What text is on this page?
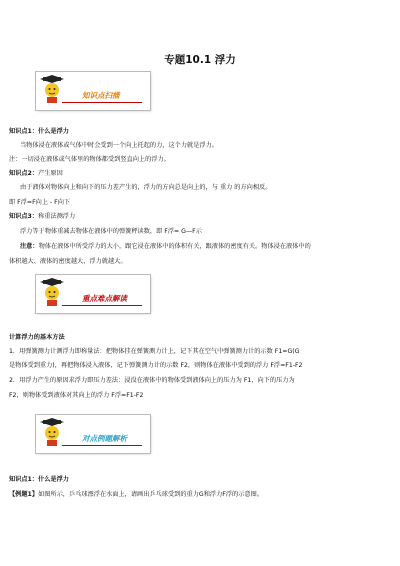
专题10.1 浮力
知识点扫描
知识点1：什么是浮力
当物体浸在液体或气体中时会受到一个向上托起的力，这个力就是浮力。
注：一切浸在液体或气体里的物体都受到竖直向上的浮力。
知识点2：产生原因
由于液体对物体向上和向下的压力差产生的，浮力的方向总是向上的，与 重力 的方向相反。
即 F浮=F向上 - F向下
知识点3：称重法测浮力
浮力等于物体重减去物体在液体中的弹簧秤读数，即 F浮= G—F示
注意：物体在液体中所受浮力的大小，跟它浸在液体中的体积有关，跟液体的密度有关。物体浸在液体中的
体积越大、液体的密度越大，浮力就越大。
重点难点解读
计算浮力的基本方法
1．用弹簧测力计测浮力即称量法：把物体挂在弹簧测力计上，记下其在空气中弹簧测力计的示数 F1=G(G
是物体受到重力)，再把物体浸入液体，记下弹簧测力计的示数 F2，则物体在液体中受到的浮力 F浮=F1-F2
2．用浮力产生的原因求浮力即压力差法：浸没在液体中的物体受到液体向上的压力为 F1，向下的压力为
F2，则物体受到液体对其向上的浮力 F浮=F1-F2
对点例题解析
知识点1：什么是浮力
【例题1】如图所示，乒乓球漂浮在水面上，请画出乒乓球受到的重力G和浮力F浮的示意图。
